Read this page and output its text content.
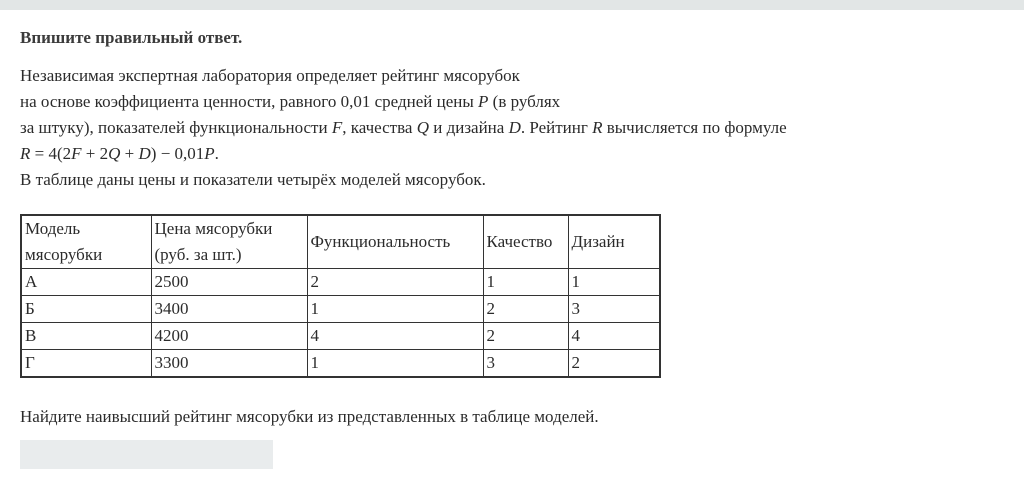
Впишите правильный ответ.

Независимая экспертная лаборатория определяет рейтинг мясорубок
на основе коэффициента ценности, равного 0,01 средней цены P (в рублях
за штуку), показателей функциональности F, качества Q и дизайна D. Рейтинг R вычисляется по формуле
R = 4(2F + 2Q + D) − 0,01P.
В таблице даны цены и показатели четырёх моделей мясорубок.
Модель мясорубки	Цена мясорубки (руб. за шт.)	Функциональность	Качество	Дизайн
А	2500	2	1	1
Б	3400	1	2	3
В	4200	4	2	4
Г	3300	1	3	2
Найдите наивысший рейтинг мясорубки из представленных в таблице моделей.
